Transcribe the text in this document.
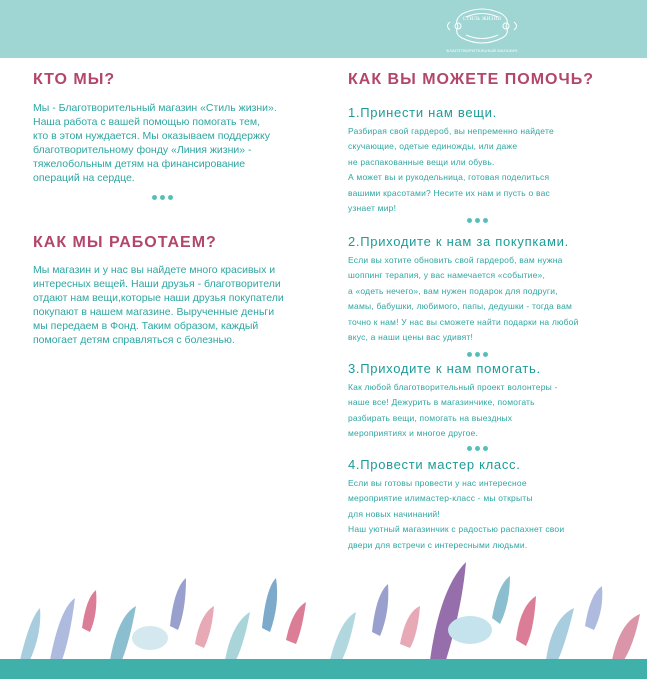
СТИЛЬ ЖИЗНИ
БЛАГОТВОРИТЕЛЬНЫЙ МАГАЗИН
КТО МЫ?
Мы - Благотворительный магазин «Стиль жизни».
Наша работа с вашей помощью помогать тем,
кто в этом нуждается. Мы оказываем поддержку
благотворительному фонду «Линия жизни» -
тяжелобольным детям на финансирование
операций на сердце.
КАК МЫ РАБОТАЕМ?
Мы магазин и у нас вы найдете много красивых и
интересных вещей. Наши друзья - благотворители
отдают нам вещи,которые наши друзья покупатели
покупают в нашем магазине. Вырученные деньги
мы передаем в Фонд. Таким образом, каждый
помогает детям справляться с болезнью.
КАК ВЫ МОЖЕТЕ ПОМОЧЬ?
1.Принести нам вещи.
Разбирая свой гардероб, вы непременно найдете
скучающие, одетые единожды, или даже
не распакованные вещи или обувь.
А может вы и рукодельница, готовая поделиться
вашими красотами? Несите их нам и пусть о вас
узнает мир!
2.Приходите к нам за покупками.
Если вы хотите обновить свой гардероб, вам нужна
шоппинг терапия, у вас намечается «событие»,
а «одеть нечего», вам нужен подарок для подруги,
мамы, бабушки, любимого, папы, дедушки - тогда вам
точно к нам! У нас вы сможете найти подарки на любой
вкус, а наши цены вас удивят!
3.Приходите к нам помогать.
Как любой благотворительный проект волонтеры -
наше все! Дежурить в магазинчике, помогать
разбирать вещи, помогать на выездных
мероприятиях и многое другое.
4.Провести мастер класс.
Если вы готовы провести у нас интересное
мероприятие илимастер-класс - мы открыты
для новых начинаний!
Наш уютный магазинчик с радостью распахнет свои
двери для встречи с интересными людьми.
